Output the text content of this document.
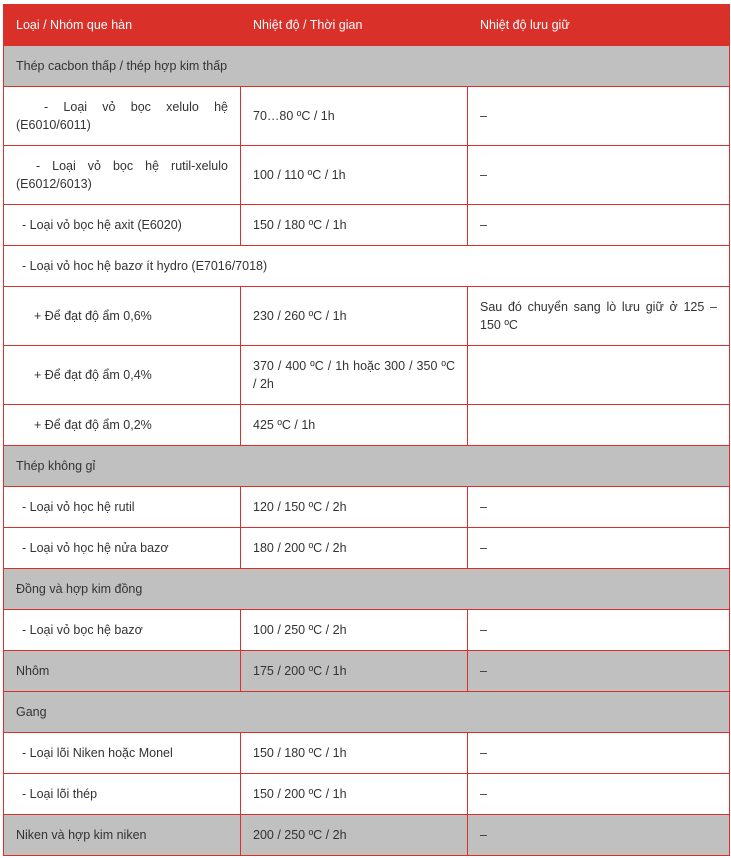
Loại / Nhóm que hàn	Nhiệt độ / Thời gian	Nhiệt độ lưu giữ
Thép cacbon thấp / thép hợp kim thấp		
- Loại vỏ bọc xelulo hệ (E6010/6011)	70…80 ºC / 1h	–
- Loại vỏ bọc hệ rutil-xelulo (E6012/6013)	100 / 110 ºC / 1h	–
- Loại vỏ bọc hệ axit (E6020)	150 / 180 ºC / 1h	–
- Loại vỏ hoc hệ bazơ ít hydro (E7016/7018)		
+ Để đạt độ ẩm 0,6%	230 / 260 ºC / 1h	Sau đó chuyển sang lò lưu giữ ở 125 – 150 ºC
+ Để đạt độ ẩm 0,4%	370 / 400 ºC / 1h hoặc 300 / 350 ºC / 2h	
+ Để đạt độ ẩm 0,2%	425 ºC / 1h	
Thép không gỉ		
- Loại vỏ học hệ rutil	120 / 150 ºC / 2h	–
- Loại vỏ học hệ nửa bazơ	180 / 200 ºC / 2h	–
Đồng và hợp kim đồng		
- Loại vỏ bọc hệ bazơ	100 / 250 ºC / 2h	–
Nhôm	175 / 200 ºC / 1h	–
Gang		
- Loại lõi Niken hoặc Monel	150 / 180 ºC / 1h	–
- Loại lõi thép	150 / 200 ºC / 1h	–
Niken và hợp kim niken	200 / 250 ºC / 2h	–
